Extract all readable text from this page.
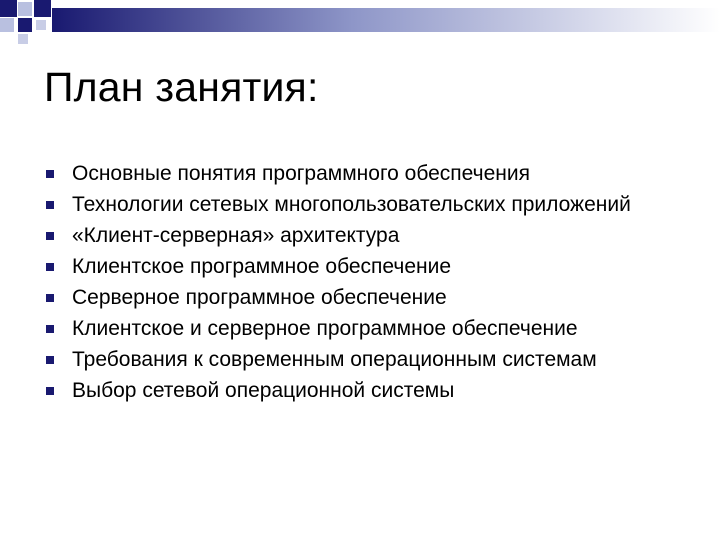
План занятия:
Основные понятия программного обеспечения
Технологии сетевых многопользовательских приложений
«Клиент-серверная» архитектура
Клиентское программное обеспечение
Серверное программное обеспечение
Клиентское и серверное программное обеспечение
Требования к современным операционным системам
Выбор сетевой операционной системы
